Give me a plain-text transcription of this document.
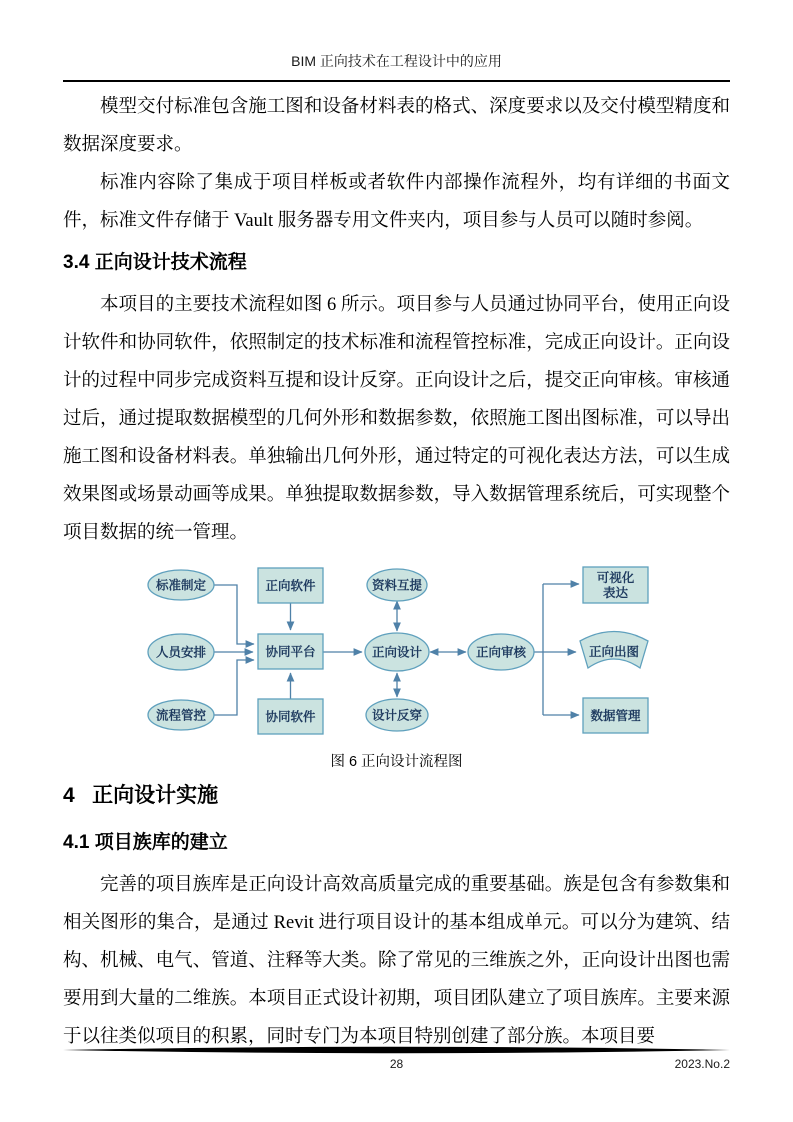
BIM 正向技术在工程设计中的应用

模型交付标准包含施工图和设备材料表的格式、深度要求以及交付模型精度和数据深度要求。

标准内容除了集成于项目样板或者软件内部操作流程外，均有详细的书面文件，标准文件存储于 Vault 服务器专用文件夹内，项目参与人员可以随时参阅。

3.4 正向设计技术流程

本项目的主要技术流程如图 6 所示。项目参与人员通过协同平台，使用正向设计软件和协同软件，依照制定的技术标准和流程管控标准，完成正向设计。正向设计的过程中同步完成资料互提和设计反穿。正向设计之后，提交正向审核。审核通过后，通过提取数据模型的几何外形和数据参数，依照施工图出图标准，可以导出施工图和设备材料表。单独输出几何外形，通过特定的可视化表达方法，可以生成效果图或场景动画等成果。单独提取数据参数，导入数据管理系统后，可实现整个项目数据的统一管理。

标准制定
人员安排
流程管控
正向软件
协同平台
协同软件
资料互提
正向设计
设计反穿
正向审核
可视化
表达
正向出图
数据管理
图 6 正向设计流程图
4   正向设计实施
4.1 项目族库的建立

完善的项目族库是正向设计高效高质量完成的重要基础。族是包含有参数集和相关图形的集合，是通过 Revit 进行项目设计的基本组成单元。可以分为建筑、结构、机械、电气、管道、注释等大类。除了常见的三维族之外，正向设计出图也需要用到大量的二维族。本项目正式设计初期，项目团队建立了项目族库。主要来源于以往类似项目的积累，同时专门为本项目特别创建了部分族。本项目要

28	2023.No.2
